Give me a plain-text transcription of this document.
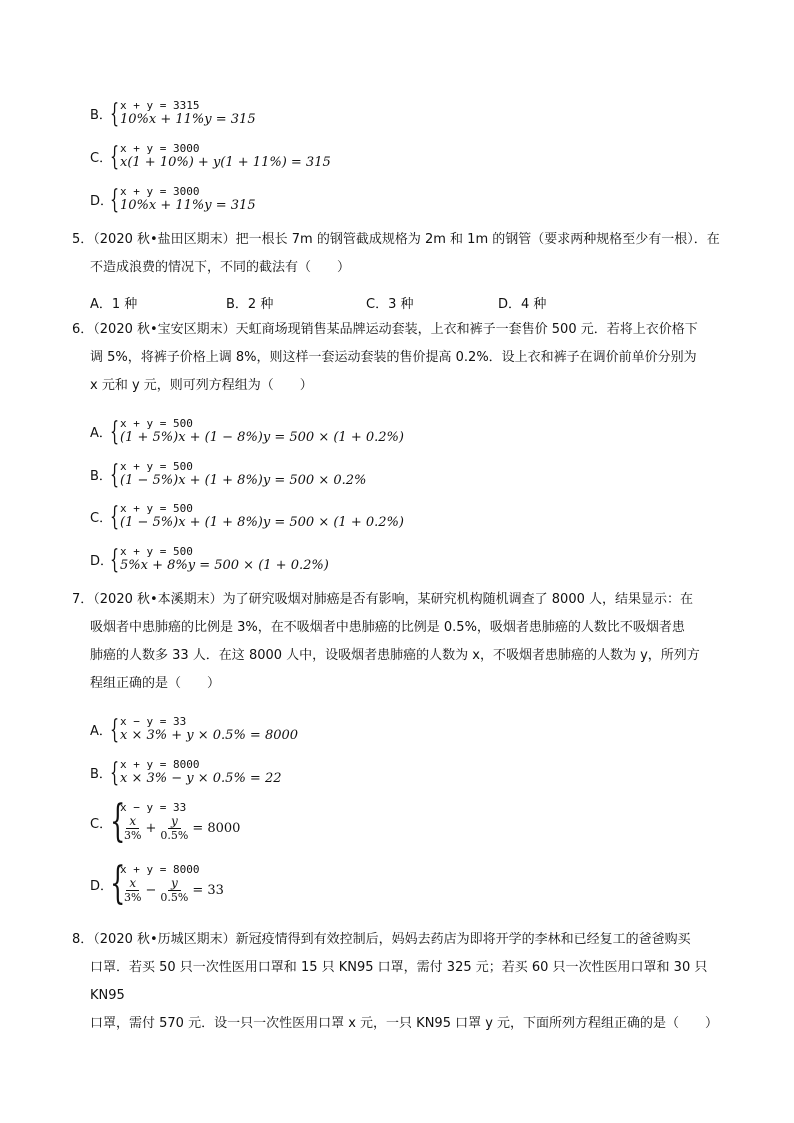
B．
{ x + y = 3315
10%x + 11%y = 315
C．
{ x + y = 3000
x(1 + 10%) + y(1 + 11%) = 315
D．
{ x + y = 3000
10%x + 11%y = 315
5．（2020 秋•盐田区期末）把一根长 7m 的钢管截成规格为 2m 和 1m 的钢管（要求两种规格至少有一根）．在
不造成浪费的情况下，不同的截法有（　　）
A．1 种	B．2 种	C．3 种	D．4 种
6．（2020 秋•宝安区期末）天虹商场现销售某品牌运动套装，上衣和裤子一套售价 500 元．若将上衣价格下
调 5%，将裤子价格上调 8%，则这样一套运动套装的售价提高 0.2%．设上衣和裤子在调价前单价分别为
x 元和 y 元，则可列方程组为（　　）
A．
{ x + y = 500
(1 + 5%)x + (1 − 8%)y = 500 × (1 + 0.2%)
B．
{ x + y = 500
(1 − 5%)x + (1 + 8%)y = 500 × 0.2%
C．
{ x + y = 500
(1 − 5%)x + (1 + 8%)y = 500 × (1 + 0.2%)
D．
{ x + y = 500
5%x + 8%y = 500 × (1 + 0.2%)
7．（2020 秋•本溪期末）为了研究吸烟对肺癌是否有影响，某研究机构随机调查了 8000 人，结果显示：在
吸烟者中患肺癌的比例是 3%，在不吸烟者中患肺癌的比例是 0.5%，吸烟者患肺癌的人数比不吸烟者患
肺癌的人数多 33 人．在这 8000 人中，设吸烟者患肺癌的人数为 x，不吸烟者患肺癌的人数为 y，所列方
程组正确的是（　　）
A．
{ x − y = 33
x × 3% + y × 0.5% = 8000
B．
{ x + y = 8000
x × 3% − y × 0.5% = 22
C．
{
x − y = 33
$\frac{x}{3\%} + \frac{y}{0.5\%} = 8000$
D．
{
x + y = 8000
$\frac{x}{3\%} - \frac{y}{0.5\%} = 33$
8．（2020 秋•历城区期末）新冠疫情得到有效控制后，妈妈去药店为即将开学的李林和已经复工的爸爸购买
口罩．若买 50 只一次性医用口罩和 15 只 KN95 口罩，需付 325 元；若买 60 只一次性医用口罩和 30 只 KN95
口罩，需付 570 元．设一只一次性医用口罩 x 元，一只 KN95 口罩 y 元，下面所列方程组正确的是（　　）
